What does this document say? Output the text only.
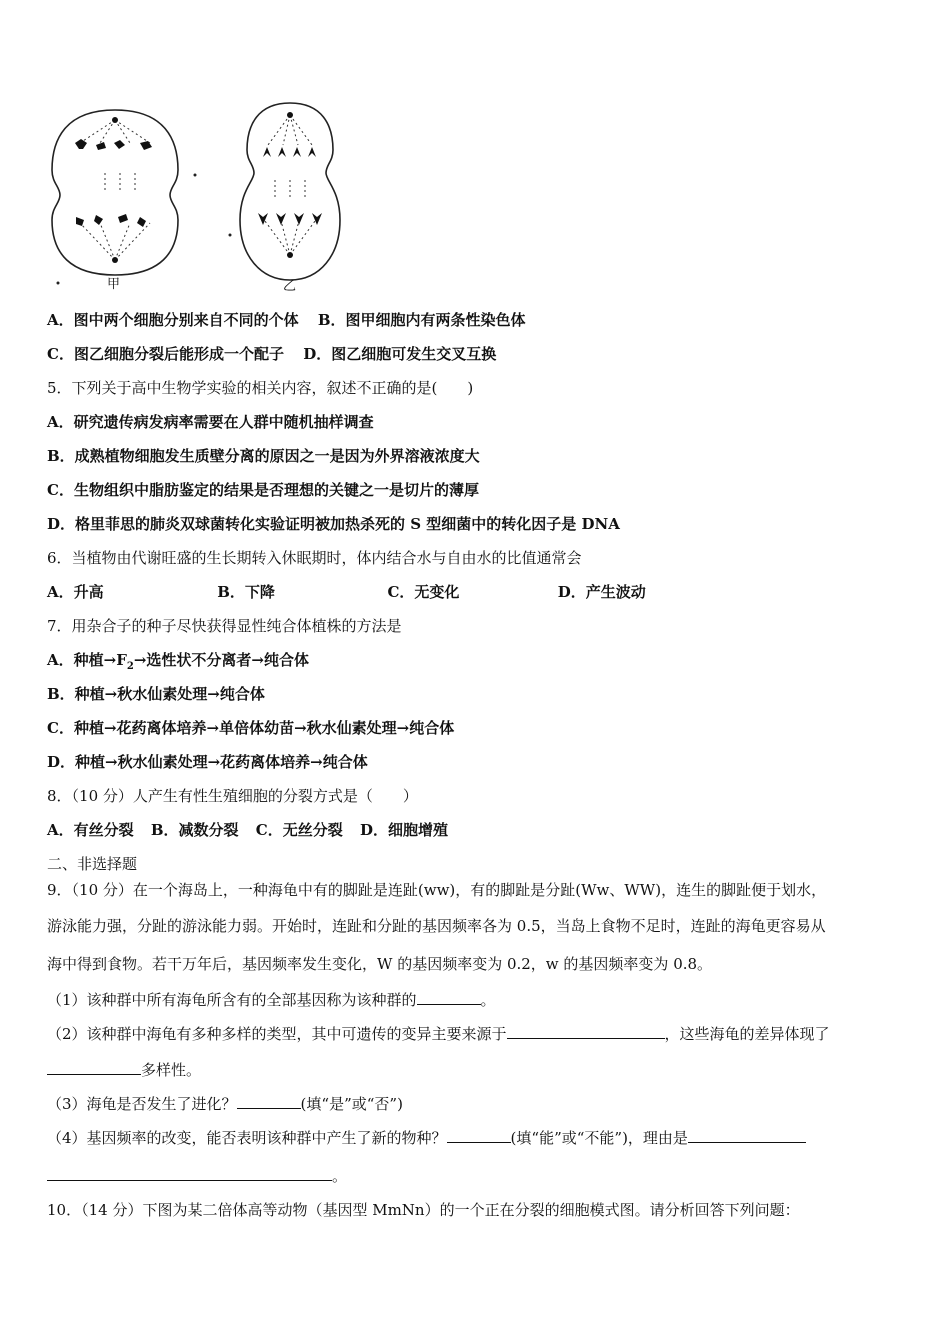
甲	乙
A．图中两个细胞分别来自不同的个体 B．图甲细胞内有两条性染色体
C．图乙细胞分裂后能形成一个配子 D．图乙细胞可发生交叉互换
5．下列关于高中生物学实验的相关内容，叙述不正确的是(　　)
A．研究遗传病发病率需要在人群中随机抽样调查
B．成熟植物细胞发生质壁分离的原因之一是因为外界溶液浓度大
C．生物组织中脂肪鉴定的结果是否理想的关键之一是切片的薄厚
D．格里菲思的肺炎双球菌转化实验证明被加热杀死的 S 型细菌中的转化因子是 DNA
6．当植物由代谢旺盛的生长期转入休眠期时，体内结合水与自由水的比值通常会
A．升高	B．下降	C．无变化	D．产生波动
7．用杂合子的种子尽快获得显性纯合体植株的方法是
A．种植$\to F_2\to$选性状不分离者→纯合体
B．种植→秋水仙素处理→纯合体
C．种植→花药离体培养→单倍体幼苗→秋水仙素处理→纯合体
D．种植→秋水仙素处理→花药离体培养→纯合体
8．（10 分）人产生有性生殖细胞的分裂方式是（　　）
A．有丝分裂 B．减数分裂 C．无丝分裂 D．细胞增殖
二、非选择题
9．（10 分）在一个海岛上，一种海龟中有的脚趾是连趾(ww)，有的脚趾是分趾(Ww、WW)，连生的脚趾便于划水，
游泳能力强，分趾的游泳能力弱。开始时，连趾和分趾的基因频率各为 0.5，当岛上食物不足时，连趾的海龟更容易从
海中得到食物。若干万年后，基因频率发生变化，W 的基因频率变为 0.2，w 的基因频率变为 0.8。
（1）该种群中所有海龟所含有的全部基因称为该种群的	。
（2）该种群中海龟有多种多样的类型，其中可遗传的变异主要来源于	，这些海龟的差异体现了
多样性。
（3）海龟是否发生了进化？	(填“是”或“否”)
（4）基因频率的改变，能否表明该种群中产生了新的物种？	(填“能”或“不能”)，理由是
。
10．（14 分）下图为某二倍体高等动物（基因型 MmNn）的一个正在分裂的细胞模式图。请分析回答下列问题：
